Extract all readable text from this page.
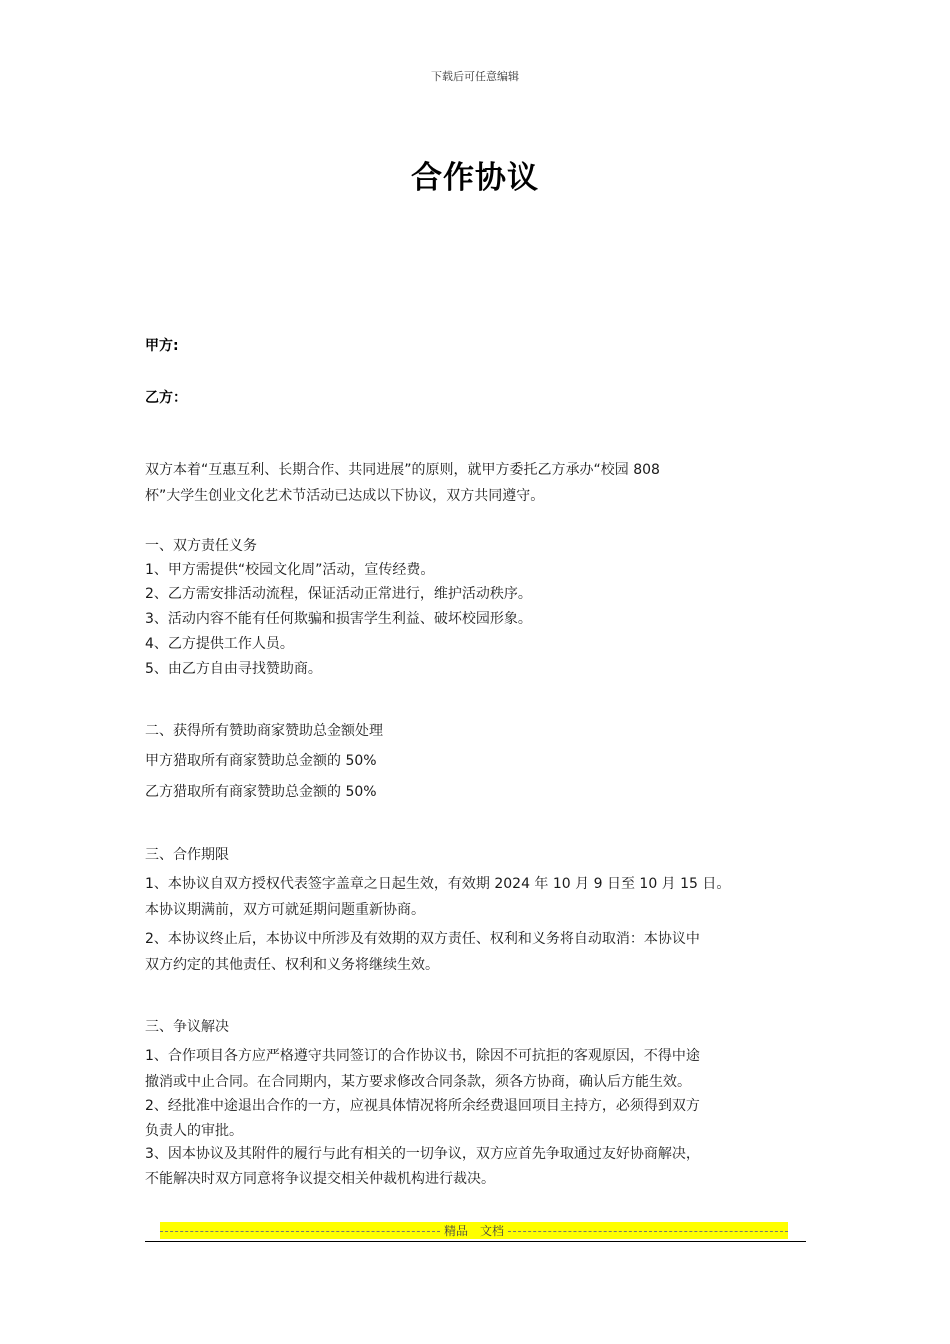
下载后可任意编辑
合作协议
甲方:
乙方：
双方本着“互惠互利、长期合作、共同进展”的原则，就甲方委托乙方承办“校园 808
杯”大学生创业文化艺术节活动已达成以下协议，双方共同遵守。
一、双方责任义务
1、甲方需提供“校园文化周”活动，宣传经费。
2、乙方需安排活动流程，保证活动正常进行，维护活动秩序。
3、活动内容不能有任何欺骗和损害学生利益、破坏校园形象。
4、乙方提供工作人员。
5、由乙方自由寻找赞助商。
二、获得所有赞助商家赞助总金额处理
甲方猎取所有商家赞助总金额的 50%
乙方猎取所有商家赞助总金额的 50%
三、合作期限
1、本协议自双方授权代表签字盖章之日起生效，有效期 2024 年 10 月 9 日至 10 月 15 日。
本协议期满前，双方可就延期问题重新协商。
2、本协议终止后，本协议中所涉及有效期的双方责任、权利和义务将自动取消：本协议中
双方约定的其他责任、权利和义务将继续生效。
三、争议解决
1、合作项目各方应严格遵守共同签订的合作协议书，除因不可抗拒的客观原因，不得中途
撤消或中止合同。在合同期内，某方要求修改合同条款，须各方协商，确认后方能生效。
2、经批准中途退出合作的一方，应视具体情况将所余经费退回项目主持方，必须得到双方
负责人的审批。
3、因本协议及其附件的履行与此有相关的一切争议，双方应首先争取通过友好协商解决，
不能解决时双方同意将争议提交相关仲裁机构进行裁决。
精品　文档
